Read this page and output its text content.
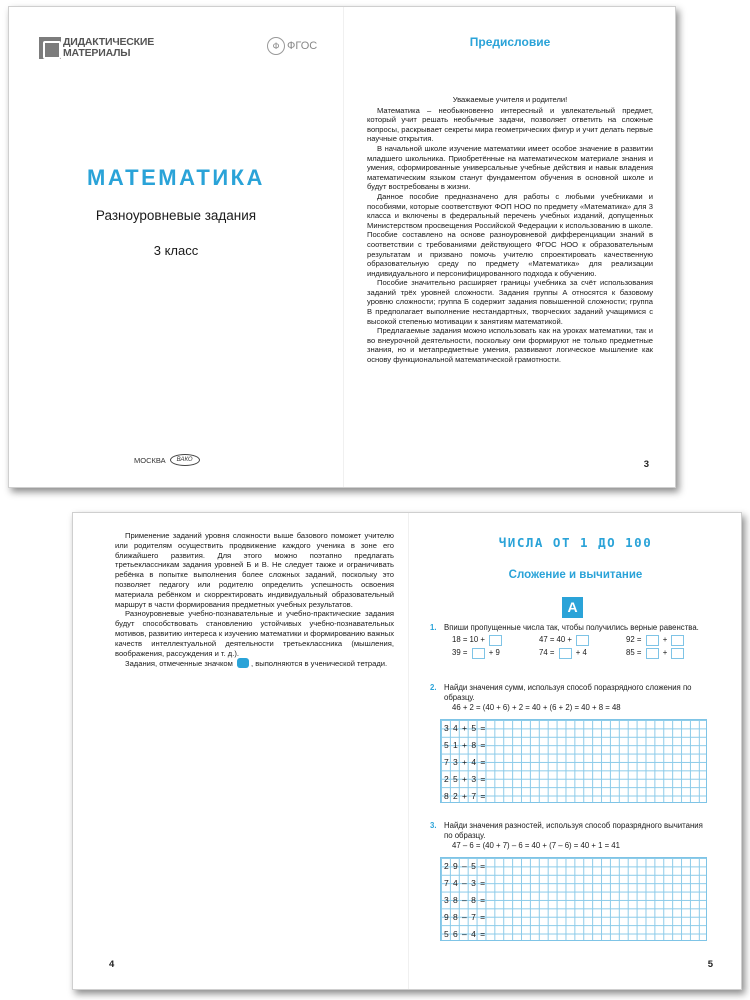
ДИДАКТИЧЕСКИЕ
МАТЕРИАЛЫ
Ф ФГОС
МАТЕМАТИКА
Разноуровневые задания
3 класс
МОСКВА	ВАКО
Предисловие

Уважаемые учителя и родители!

Математика – необыкновенно интересный и увлекательный предмет, который учит решать необычные задачи, позволяет ответить на сложные вопросы, раскрывает секреты мира геометрических фигур и учит делать первые научные открытия.

В начальной школе изучение математики имеет особое значение в развитии младшего школьника. Приобретённые на математическом материале знания и умения, сформированные универсальные учебные действия и навык владения математическим языком станут фундаментом обучения в основной школе и будут востребованы в жизни.

Данное пособие предназначено для работы с любыми учебниками и пособиями, которые соответствуют ФОП НОО по предмету «Математика» для 3 класса и включены в федеральный перечень учебных изданий, допущенных Министерством просвещения Российской Федерации к использованию в школе. Пособие составлено на основе разноуровневой дифференциации знаний в соответствии с требованиями действующего ФГОС НОО к образовательным результатам и призвано помочь учителю спроектировать качественную образовательную среду по предмету «Математика» для реализации индивидуального и персонифицированного подхода к обучению.

Пособие значительно расширяет границы учебника за счёт использования заданий трёх уровней сложности. Задания группы А относятся к базовому уровню сложности; группа Б содержит задания повышенной сложности; группа В предполагает выполнение нестандартных, творческих заданий учащимися с высокой степенью мотивации к занятиям математикой.

Предлагаемые задания можно использовать как на уроках математики, так и во внеурочной деятельности, поскольку они формируют не только предметные знания, но и метапредметные умения, развивают логическое мышление как основу функциональной математической грамотности.

3

Применение заданий уровня сложности выше базового поможет учителю или родителям осуществить продвижение каждого ученика в зоне его ближайшего развития. Для этого можно поэтапно предлагать третьеклассникам задания уровней Б и В. Не следует также и ограничивать ребёнка в попытке выполнения более сложных заданий, поскольку это позволяет педагогу или родителю определить успешность освоения материала ребёнком и скорректировать индивидуальный образовательный маршрут в части формирования предметных учебных результатов.

Разноуровневые учебно-познавательные и учебно-практические задания будут способствовать становлению устойчивых учебно-познавательных мотивов, развитию интереса к изучению математики и формированию важных качеств интеллектуальной деятельности третьеклассника (мышления, воображения, рассуждения и т. д.).

Задания, отмеченные значком , выполняются в ученической тетради.

4
ЧИСЛА ОТ 1 ДО 100
Сложение и вычитание
А
1. Впиши пропущенные числа так, чтобы получились верные равенства.
18 = 10 +	47 = 40 +	92 = +
39 = + 9	74 = + 4	85 = +
2. Найди значения сумм, используя способ поразрядного сложения по образцу.
46 + 2 = (40 + 6) + 2 = 40 + (6 + 2) = 40 + 8 = 48
34+5=
51+8=
73+4=
25+3=
82+7=
3. Найди значения разностей, используя способ поразрядного вычитания по образцу.
47 – 6 = (40 + 7) – 6 = 40 + (7 – 6) = 40 + 1 = 41
29–5=
74–3=
38–8=
98–7=
56–4=
5
